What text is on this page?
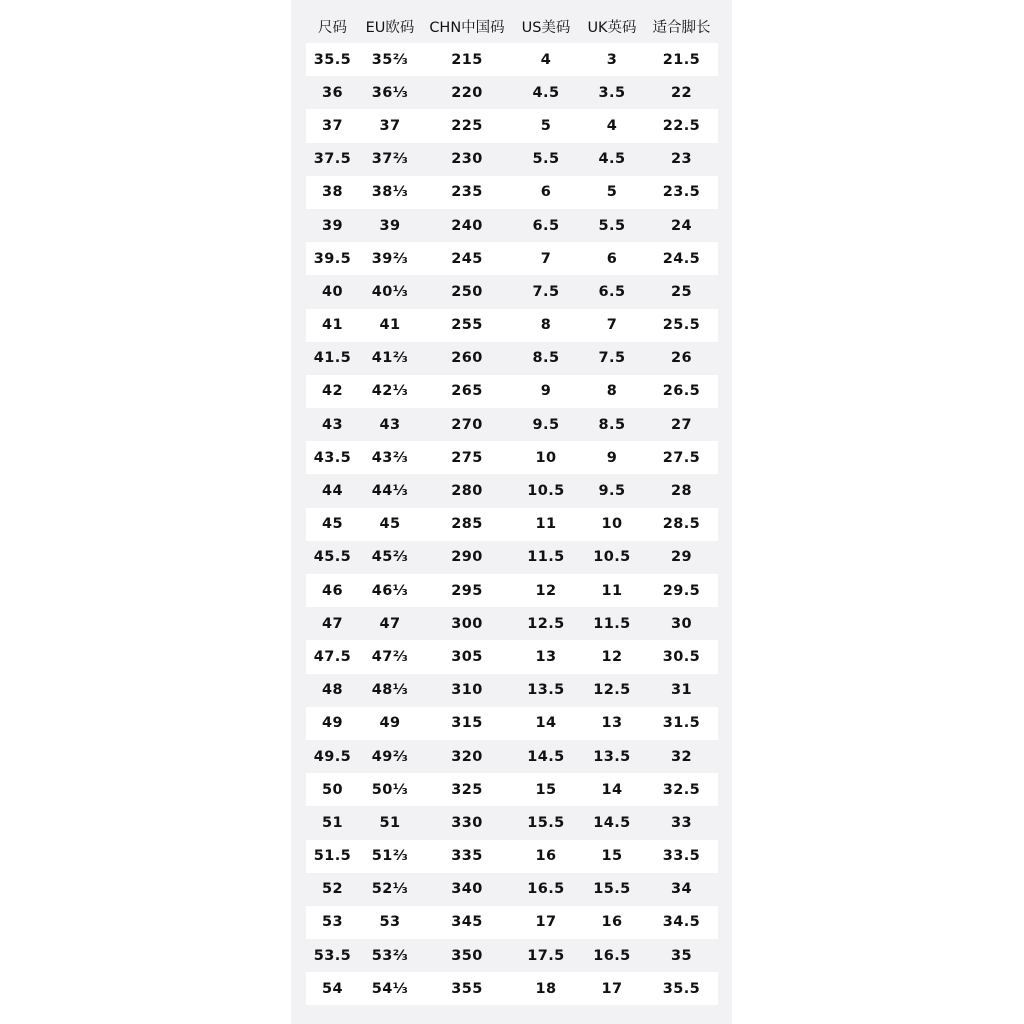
尺码	EU欧码	CHN中国码	US美码	UK英码	适合脚长
35.5	35⅔	215	4	3	21.5
36	36⅓	220	4.5	3.5	22
37	37	225	5	4	22.5
37.5	37⅔	230	5.5	4.5	23
38	38⅓	235	6	5	23.5
39	39	240	6.5	5.5	24
39.5	39⅔	245	7	6	24.5
40	40⅓	250	7.5	6.5	25
41	41	255	8	7	25.5
41.5	41⅔	260	8.5	7.5	26
42	42⅓	265	9	8	26.5
43	43	270	9.5	8.5	27
43.5	43⅔	275	10	9	27.5
44	44⅓	280	10.5	9.5	28
45	45	285	11	10	28.5
45.5	45⅔	290	11.5	10.5	29
46	46⅓	295	12	11	29.5
47	47	300	12.5	11.5	30
47.5	47⅔	305	13	12	30.5
48	48⅓	310	13.5	12.5	31
49	49	315	14	13	31.5
49.5	49⅔	320	14.5	13.5	32
50	50⅓	325	15	14	32.5
51	51	330	15.5	14.5	33
51.5	51⅔	335	16	15	33.5
52	52⅓	340	16.5	15.5	34
53	53	345	17	16	34.5
53.5	53⅔	350	17.5	16.5	35
54	54⅓	355	18	17	35.5
